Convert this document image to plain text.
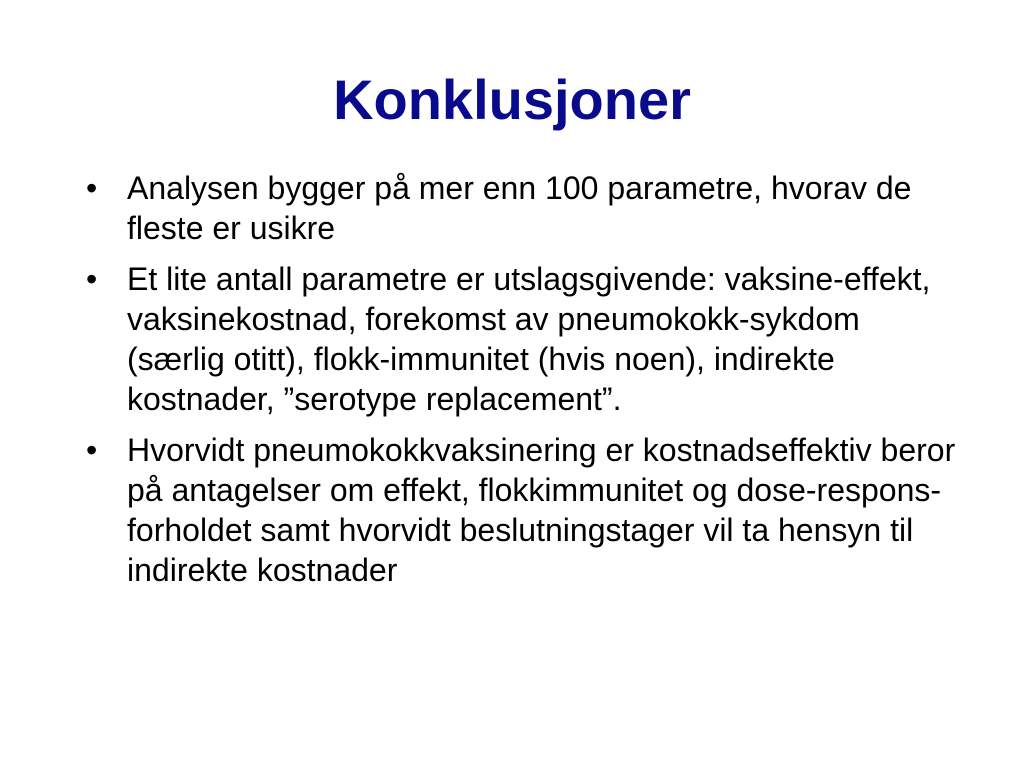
Konklusjoner
• Analysen bygger på mer enn 100 parametre, hvorav de fleste er usikre
• Et lite antall parametre er utslagsgivende: vaksine-effekt, vaksinekostnad, forekomst av pneumokokk-sykdom (særlig otitt), flokk-immunitet (hvis noen), indirekte kostnader, ”serotype replacement”.
• Hvorvidt pneumokokkvaksinering er kostnadseffektiv beror på antagelser om effekt, flokkimmunitet og dose-respons-forholdet samt hvorvidt beslutningstager vil ta hensyn til indirekte kostnader
